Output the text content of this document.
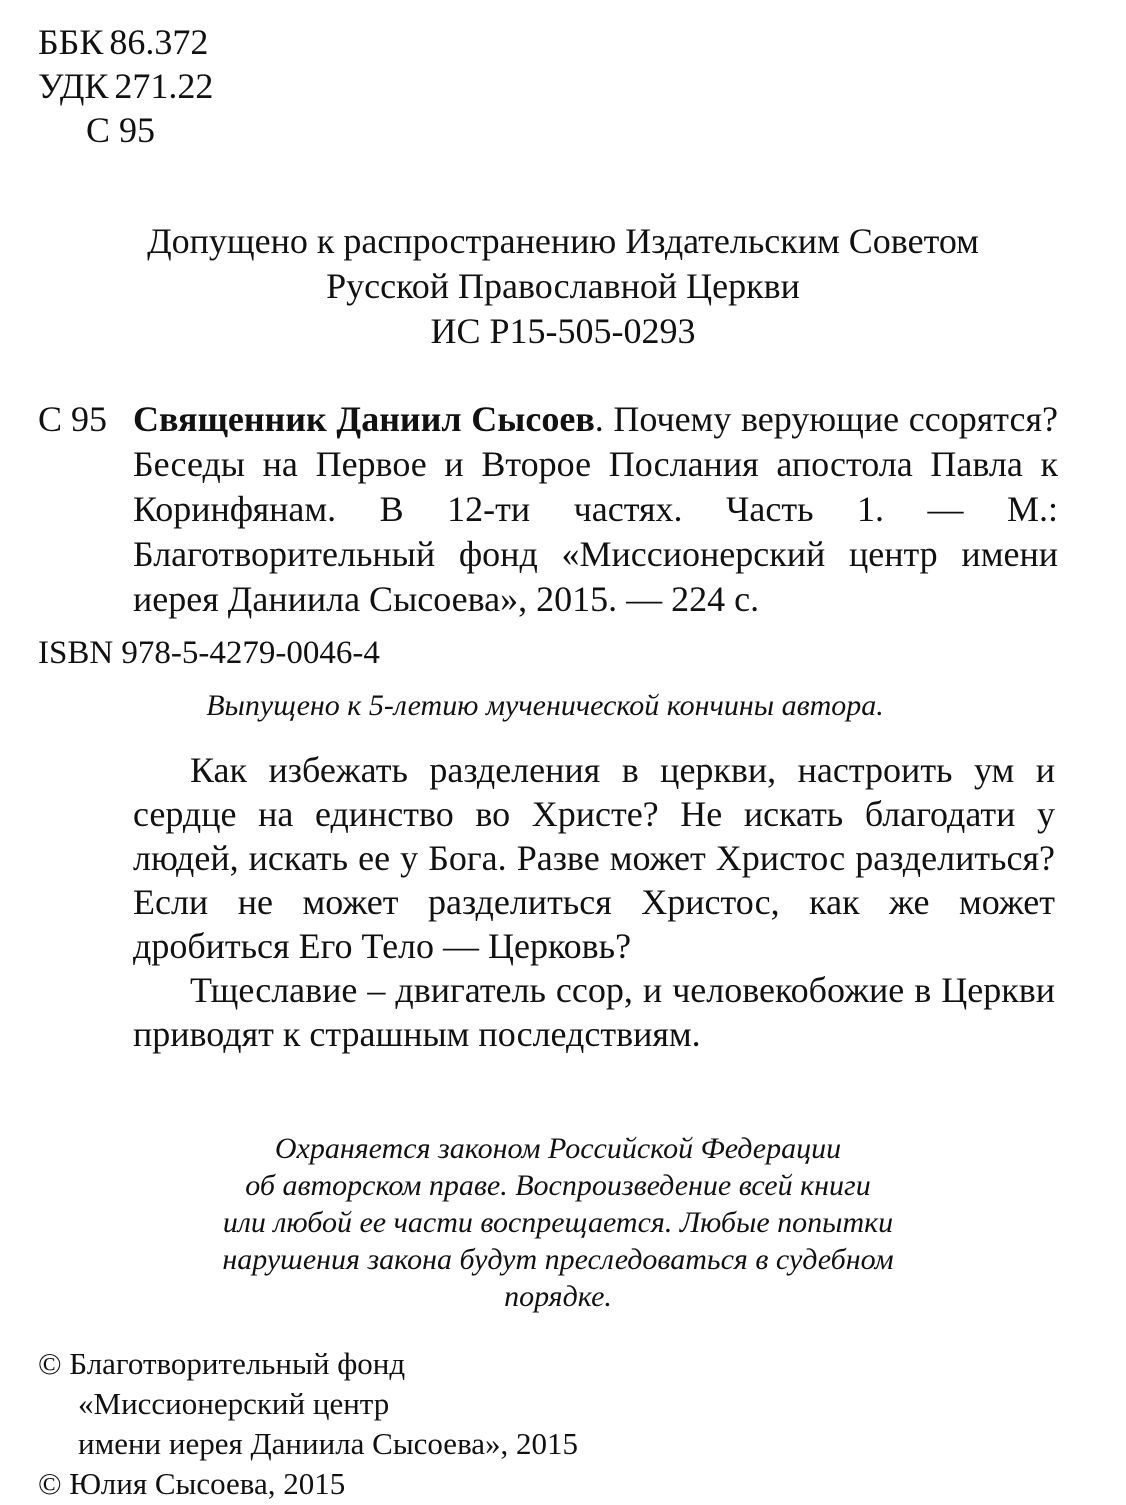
ББК 86.372
УДК 271.22
С 95
Допущено к распространению Издательским Советом
Русской Православной Церкви
ИС Р15-505-0293
С 95 Священник Даниил Сысоев. Почему верующие ссорятся? Беседы на Первое и Второе Послания апостола Павла к Коринфянам. В 12-ти частях. Часть 1. — М.: Благотворительный фонд «Миссионерский центр имени иерея Даниила Сысоева», 2015. — 224 с.
ISBN 978-5-4279-0046-4
Выпущено к 5-летию мученической кончины автора.

Как избежать разделения в церкви, настроить ум и сердце на единство во Христе? Не искать благодати у людей, искать ее у Бога. Разве может Христос разделиться? Если не может разделиться Христос, как же может дробиться Его Тело — Церковь?

Тщеславие – двигатель ссор, и человекобожие в Церкви приводят к страшным последствиям.

Охраняется законом Российской Федерации
об авторском праве. Воспроизведение всей книги
или любой ее части воспрещается. Любые попытки
нарушения закона будут преследоваться в судебном
порядке.
© Благотворительный фонд
«Миссионерский центр
имени иерея Даниила Сысоева», 2015
© Юлия Сысоева, 2015
